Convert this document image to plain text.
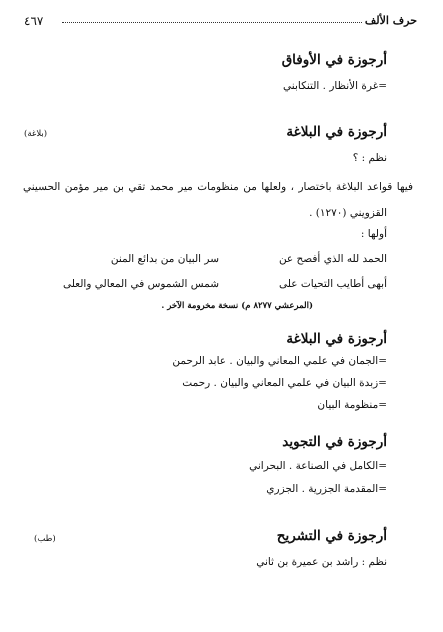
٤٦٧	حرف الألف
أرجوزة في الأوفاق
=غرة الأنظار . التنكابني
أرجوزة في البلاغة
(بلاغة)
نظم : ؟
فيها قواعد البلاغة باختصار ، ولعلها من منظومات مير محمد تقي بن مير مؤمن الحسيني
القزويني (١٢٧٠) .
أولها :
الحمد لله الذي أفصح عن
سر البيان من بدائع المنن
أبهى أطايب التحيات على
شمس الشموس في المعالي والعلى
(المرعشي ٨٢٧٧ م) نسخة مخرومة الآخر .
أرجوزة في البلاغة
=الجمان في علمي المعاني والبيان . عابد الرحمن
=زبدة البيان في علمي المعاني والبيان . رحمت
=منظومة البيان
أرجوزة في التجويد
=الكامل في الصناعة . البحراني
=المقدمة الجزرية . الجزري
أرجوزة في التشريح
(طب)
نظم : راشد بن عميرة بن ثاني
